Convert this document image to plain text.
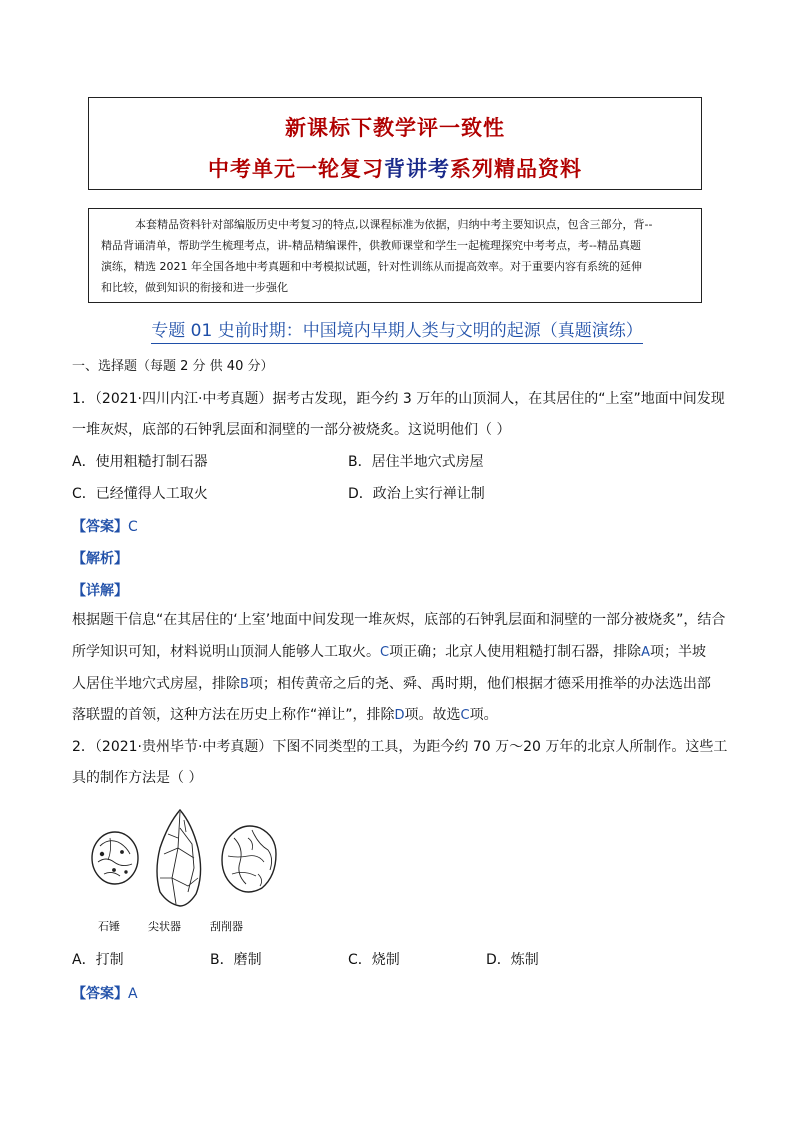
新课标下教学评一致性
中考单元一轮复习背讲考系列精品资料
本套精品资料针对部编版历史中考复习的特点,以课程标准为依据，归纳中考主要知识点，包含三部分，背--
精品背诵清单，帮助学生梳理考点，讲-精品精编课件，供教师课堂和学生一起梳理探究中考考点，考--精品真题
演练，精选 2021 年全国各地中考真题和中考模拟试题，针对性训练从而提高效率。对于重要内容有系统的延伸
和比较，做到知识的衔接和进一步强化
专题 01 史前时期：中国境内早期人类与文明的起源（真题演练）
一、选择题（每题 2 分 供 40 分）
1．（2021·四川内江·中考真题）据考古发现，距今约 3 万年的山顶洞人，在其居住的“上室”地面中间发现
一堆灰烬，底部的石钟乳层面和洞壁的一部分被烧炙。这说明他们（ ）
A．使用粗糙打制石器	B．居住半地穴式房屋
C．已经懂得人工取火	D．政治上实行禅让制
【答案】C
【解析】
【详解】
根据题干信息“在其居住的‘上室’地面中间发现一堆灰烬，底部的石钟乳层面和洞壁的一部分被烧炙”，结合
所学知识可知，材料说明山顶洞人能够人工取火。C项正确；北京人使用粗糙打制石器，排除A项；半坡
人居住半地穴式房屋，排除B项；相传黄帝之后的尧、舜、禹时期，他们根据才德采用推举的办法选出部
落联盟的首领，这种方法在历史上称作“禅让”，排除D项。故选C项。
2．（2021·贵州毕节·中考真题）下图不同类型的工具，为距今约 70 万～20 万年的北京人所制作。这些工
具的制作方法是（ ）
石锤	尖状器	刮削器
A．打制	B．磨制	C．烧制	D．炼制
【答案】A
